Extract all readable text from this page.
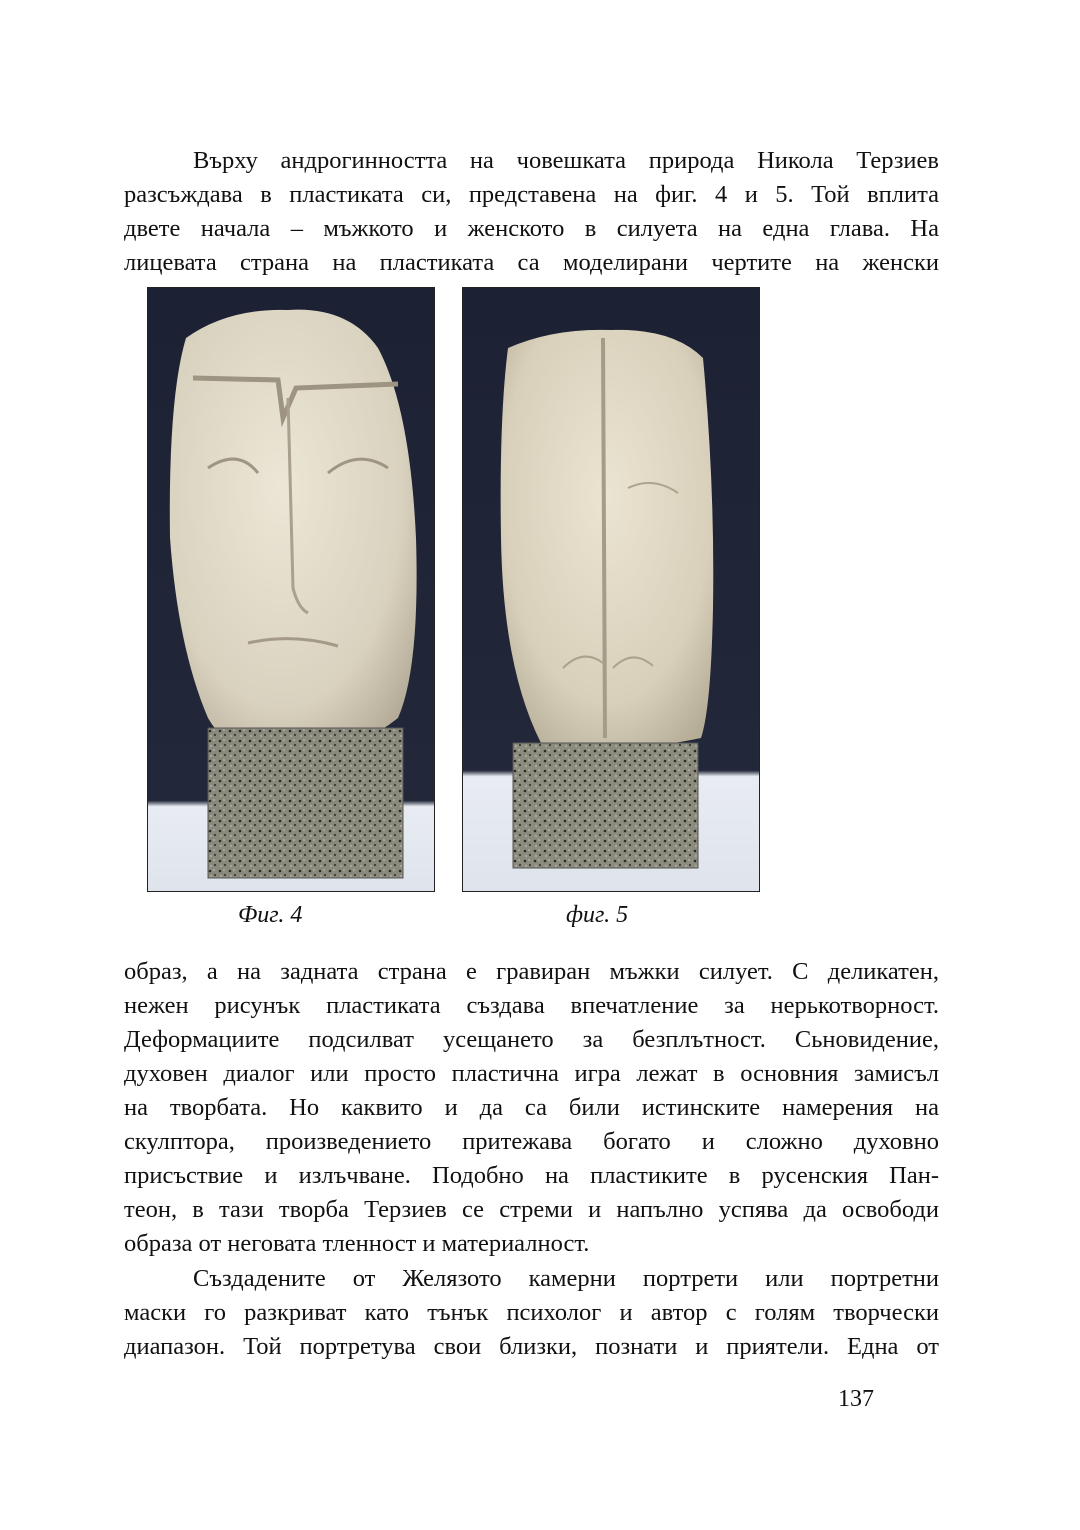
Върху андрогинността на човешката природа Никола Терзиев
разсъждава в пластиката си, представена на фиг. 4 и 5. Той вплита
двете начала – мъжкото и женското в силуета на една глава. На
лицевата страна на пластиката са моделирани чертите на женски

Фиг. 4	фиг. 5

образ, а на задната страна е гравиран мъжки силует. С деликатен,
нежен рисунък пластиката създава впечатление за нерькотворност.
Деформациите подсилват усещането за безплътност. Сьновидение,
духовен диалог или просто пластична игра лежат в основния замисъл
на творбата. Но каквито и да са били истинските намерения на
скулптора, произведението притежава богато и сложно духовно
присъствие и излъчване. Подобно на пластиките в русенския Пан-
теон, в тази творба Терзиев се стреми и напълно успява да освободи
образа от неговата тленност и материалност.

Създадените от Желязото камерни портрети или портретни
маски го разкриват като тънък психолог и автор с голям творчески
диапазон. Той портретува свои близки, познати и приятели. Една от

137
